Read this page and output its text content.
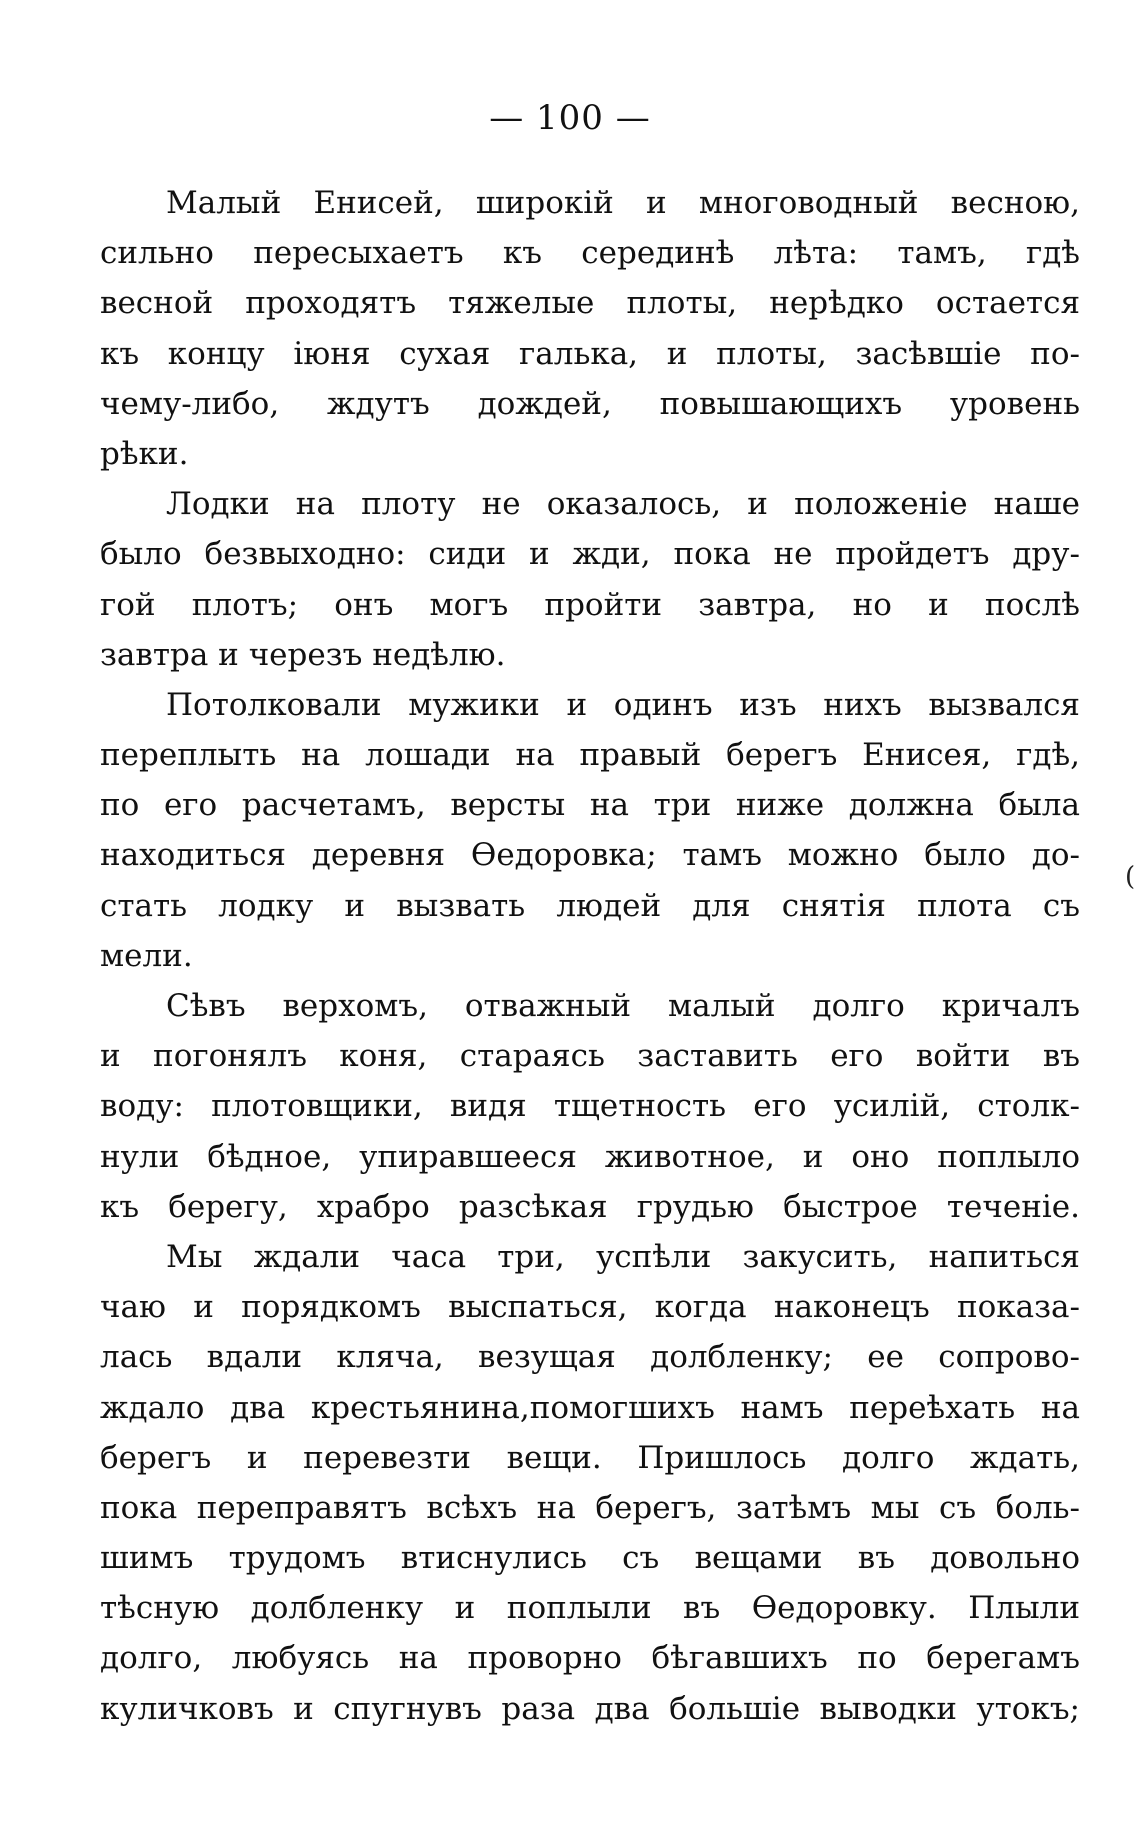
— 100 —
Малый Енисей, широкій и многоводный весною,
сильно пересыхаетъ къ серединѣ лѣта: тамъ, гдѣ
весной проходятъ тяжелые плоты, нерѣдко остается
къ концу іюня сухая галька, и плоты, засѣвшіе по-
чему-либо, ждутъ дождей, повышающихъ уровень
рѣки.
Лодки на плоту не оказалось, и положеніе наше
было безвыходно: сиди и жди, пока не пройдетъ дру-
гой плотъ; онъ могъ пройти завтра, но и послѣ
завтра и черезъ недѣлю.
Потолковали мужики и одинъ изъ нихъ вызвался
переплыть на лошади на правый берегъ Енисея, гдѣ,
по его расчетамъ, версты на три ниже должна была
находиться деревня Ѳедоровка; тамъ можно было до-
стать лодку и вызвать людей для снятія плота съ
мели.
Сѣвъ верхомъ, отважный малый долго кричалъ
и погонялъ коня, стараясь заставить его войти въ
воду: плотовщики, видя тщетность его усилій, столк-
нули бѣдное, упиравшееся животное, и оно поплыло
къ берегу, храбро разсѣкая грудью быстрое теченіе.
Мы ждали часа три, успѣли закусить, напиться
чаю и порядкомъ выспаться, когда наконецъ показа-
лась вдали кляча, везущая долбленку; ее сопрово-
ждало два крестьянина,помогшихъ намъ переѣхать на
берегъ и перевезти вещи. Пришлось долго ждать,
пока переправятъ всѣхъ на берегъ, затѣмъ мы съ боль-
шимъ трудомъ втиснулись съ вещами въ довольно
тѣсную долбленку и поплыли въ Ѳедоровку. Плыли
долго, любуясь на проворно бѣгавшихъ по берегамъ
куличковъ и спугнувъ раза два большіе выводки утокъ;
(
